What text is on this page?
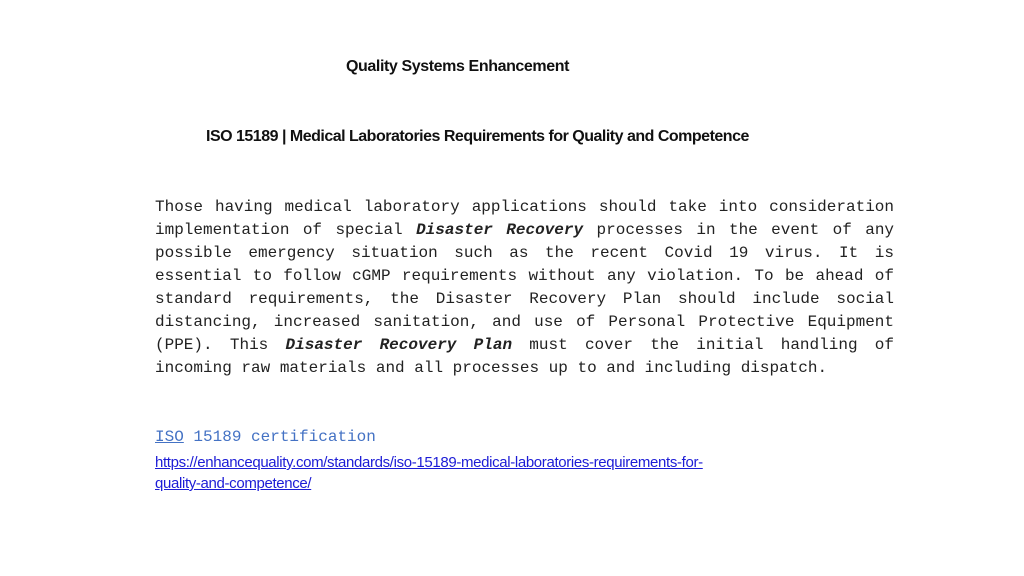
Quality Systems Enhancement
ISO 15189 | Medical Laboratories Requirements for Quality and Competence
Those having medical laboratory applications should take into consideration implementation of special Disaster Recovery processes in the event of any possible emergency situation such as the recent Covid 19 virus. It is essential to follow cGMP requirements without any violation. To be ahead of standard requirements, the Disaster Recovery Plan should include social distancing, increased sanitation, and use of Personal Protective Equipment (PPE). This Disaster Recovery Plan must cover the initial handling of incoming raw materials and all processes up to and including dispatch.
ISO 15189 certification
https://enhancequality.com/standards/iso-15189-medical-laboratories-requirements-for-
quality-and-competence/
